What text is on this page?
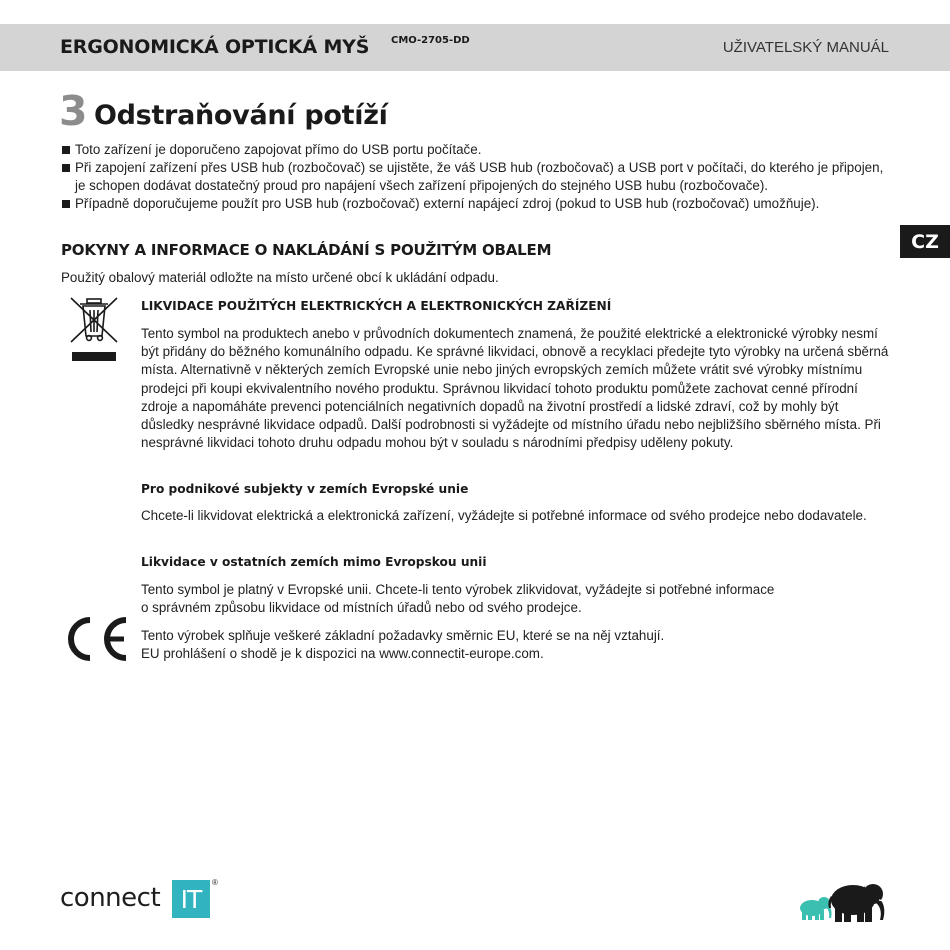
ERGONOMICKÁ OPTICKÁ MYŠ CMO-2705-DD	UŽIVATELSKÝ MANUÁL
3 Odstraňování potíží
Toto zařízení je doporučeno zapojovat přímo do USB portu počítače.
Při zapojení zařízení přes USB hub (rozbočovač) se ujistěte, že váš USB hub (rozbočovač) a USB port v počítači, do kterého je připojen, je schopen dodávat dostatečný proud pro napájení všech zařízení připojených do stejného USB hubu (rozbočovače).
Případně doporučujeme použít pro USB hub (rozbočovač) externí napájecí zdroj (pokud to USB hub (rozbočovač) umožňuje).
CZ
POKYNY A INFORMACE O NAKLÁDÁNÍ S POUŽITÝM OBALEM
Použitý obalový materiál odložte na místo určené obcí k ukládání odpadu.
LIKVIDACE POUŽITÝCH ELEKTRICKÝCH A ELEKTRONICKÝCH ZAŘÍZENÍ
Tento symbol na produktech anebo v průvodních dokumentech znamená, že použité elektrické a elektronické výrobky nesmí být přidány do běžného komunálního odpadu. Ke správné likvidaci, obnově a recyklaci předejte tyto výrobky na určená sběrná místa. Alternativně v některých zemích Evropské unie nebo jiných evropských zemích můžete vrátit své výrobky místnímu prodejci při koupi ekvivalentního nového produktu. Správnou likvidací tohoto produktu pomůžete zachovat cenné přírodní zdroje a napomáháte prevenci potenciálních negativních dopadů na životní prostředí a lidské zdraví, což by mohly být důsledky nesprávné likvidace odpadů. Další podrobnosti si vyžádejte od místního úřadu nebo nejbližšího sběrného místa. Při nesprávné likvidaci tohoto druhu odpadu mohou být v souladu s národními předpisy uděleny pokuty.
Pro podnikové subjekty v zemích Evropské unie
Chcete-li likvidovat elektrická a elektronická zařízení, vyžádejte si potřebné informace od svého prodejce nebo dodavatele.
Likvidace v ostatních zemích mimo Evropskou unii
Tento symbol je platný v Evropské unii. Chcete-li tento výrobek zlikvidovat, vyžádejte si potřebné informace
o správném způsobu likvidace od místních úřadů nebo od svého prodejce.
Tento výrobek splňuje veškeré základní požadavky směrnic EU, které se na něj vztahují.
EU prohlášení o shodě je k dispozici na www.connectit-europe.com.
connect IT
®
